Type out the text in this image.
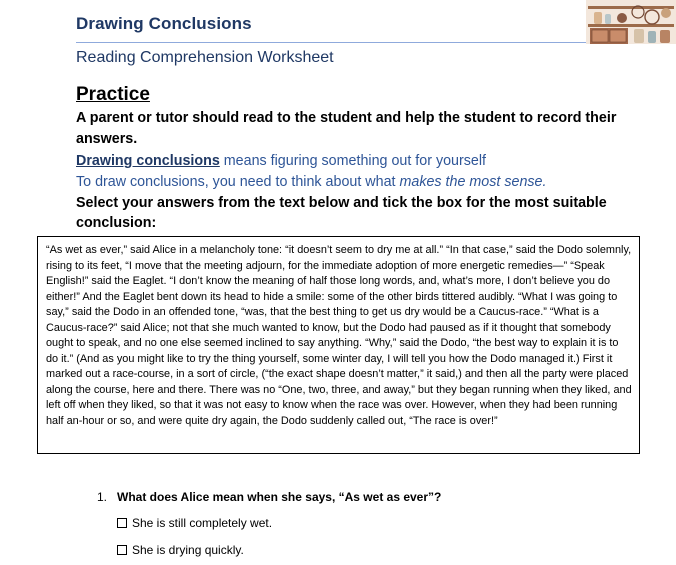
Drawing Conclusions
Reading Comprehension Worksheet
Practice
A parent or tutor should read to the student and help the student to record their answers.
Drawing conclusions means figuring something out for yourself
To draw conclusions, you need to think about what makes the most sense.
Select your answers from the text below and tick the box for the most suitable conclusion:

“As wet as ever,” said Alice in a melancholy tone: “it doesn’t seem to dry me at all.” “In that case,” said the Dodo solemnly, rising to its feet, “I move that the meeting adjourn, for the immediate adoption of more energetic remedies—” “Speak English!” said the Eaglet. “I don’t know the meaning of half those long words, and, what’s more, I don’t believe you do either!” And the Eaglet bent down its head to hide a smile: some of the other birds tittered audibly. “What I was going to say,” said the Dodo in an offended tone, “was, that the best thing to get us dry would be a Caucus-race.” “What is a Caucus-race?” said Alice; not that she much wanted to know, but the Dodo had paused as if it thought that somebody ought to speak, and no one else seemed inclined to say anything. “Why,” said the Dodo, “the best way to explain it is to do it.” (And as you might like to try the thing yourself, some winter day, I will tell you how the Dodo managed it.) First it marked out a race-course, in a sort of circle, (“the exact shape doesn’t matter,” it said,) and then all the party were placed along the course, here and there. There was no “One, two, three, and away,” but they began running when they liked, and left off when they liked, so that it was not easy to know when the race was over. However, when they had been running half an-hour or so, and were quite dry again, the Dodo suddenly called out, “The race is over!”

1. What does Alice mean when she says, “As wet as ever”?
She is still completely wet.
She is drying quickly.
